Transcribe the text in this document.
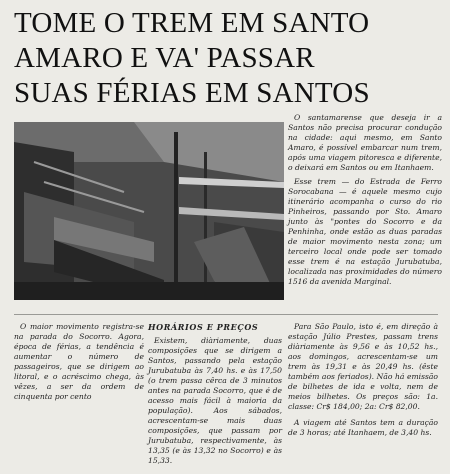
TOME O TREM EM SANTO
AMARO E VA' PASSAR
SUAS FÉRIAS EM SANTOS

O santamarense que deseja ir a Santos não precisa procurar condução na cidade: aqui mesmo, em Santo Amaro, é possível embarcar num trem, após uma viagem pitoresca e diferente, o deixará em Santos ou em Itanhaem.

Esse trem — do Estrada de Ferro Sorocabana — é aquele mesmo cujo itinerário acompanha o curso do rio Pinheiros, passando por Sto. Amaro junto às "pontes do Socorro e da Penhinha, onde estão as duas paradas de maior movimento nesta zona; um terceiro local onde pode ser tomado esse trem é na estação Jurubatuba, localizada nas proximidades do número 1516 da avenida Marginal.

O maior movimento registra-se na parada do Socorro. Agora, época de férias, a tendência é aumentar o número de passageiros, que se dirigem ao litoral, e o acréscimo chega, às vêzes, a ser da ordem de cinquenta por cento

HORÁRIOS E PREÇOS

Existem, diàriamente, duas composições que se dirigem a Santos, passando pela estação Jurubatuba às 7,40 hs. e às 17,50 (o trem passa cêrca de 3 minutos antes na parada Socorro, que é de acesso mais fácil à maioria da população). Aos sábados, acrescentam-se mais duas composições, que passam por Jurubatuba, respectivamente, às 13,35 (e às 13,32 no Socorro) e às 15,33.

Para São Paulo, isto é, em direção à estação Júlio Prestes, passam trens diàriamente às 9,56 e às 10,52 hs., aos domingos, acrescentam-se um trem às 19,31 e às 20,49 hs. (êste também aos feriados). Não há emissão de bilhetes de ida e volta, nem de meios bilhetes. Os preços são: 1a. classe: Cr$ 184,00; 2a: Cr$ 82,00.

A viagem até Santos tem a duração de 3 horas; até Itanhaem, de 3,40 hs.
